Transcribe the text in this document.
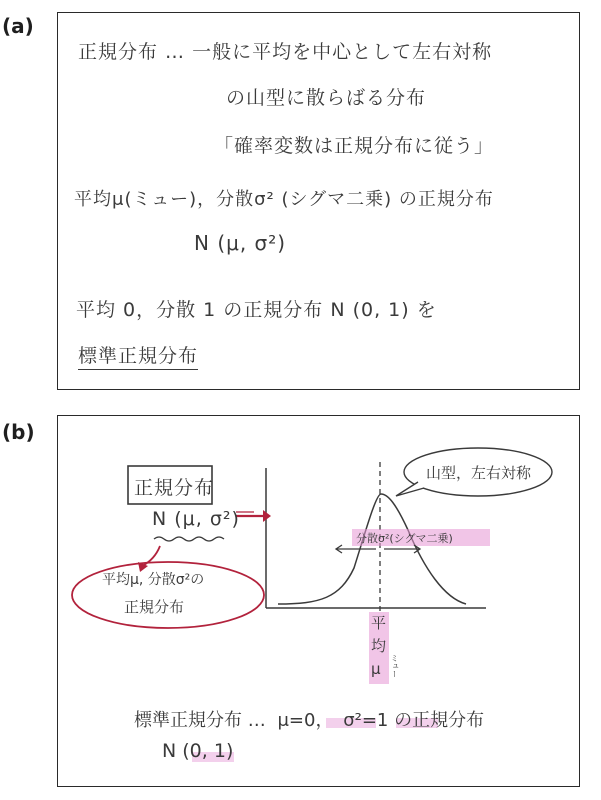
(a)
正規分布 … 一般に平均を中心として左右対称
の山型に散らばる分布
「確率変数は正規分布に従う」
平均μ(ミュー)，分散σ² (シグマ二乗) の正規分布
N (μ, σ²)
平均 0，分散 1 の正規分布 N (0, 1) を
標準正規分布
(b)
正規分布
N (μ, σ²)
平均μ, 分散σ²の
正規分布
山型，左右対称
分散σ²(シグマ二乗)
平
均
μ ミュー
標準正規分布 … μ=0， σ²=1 の正規分布
N (0, 1)
